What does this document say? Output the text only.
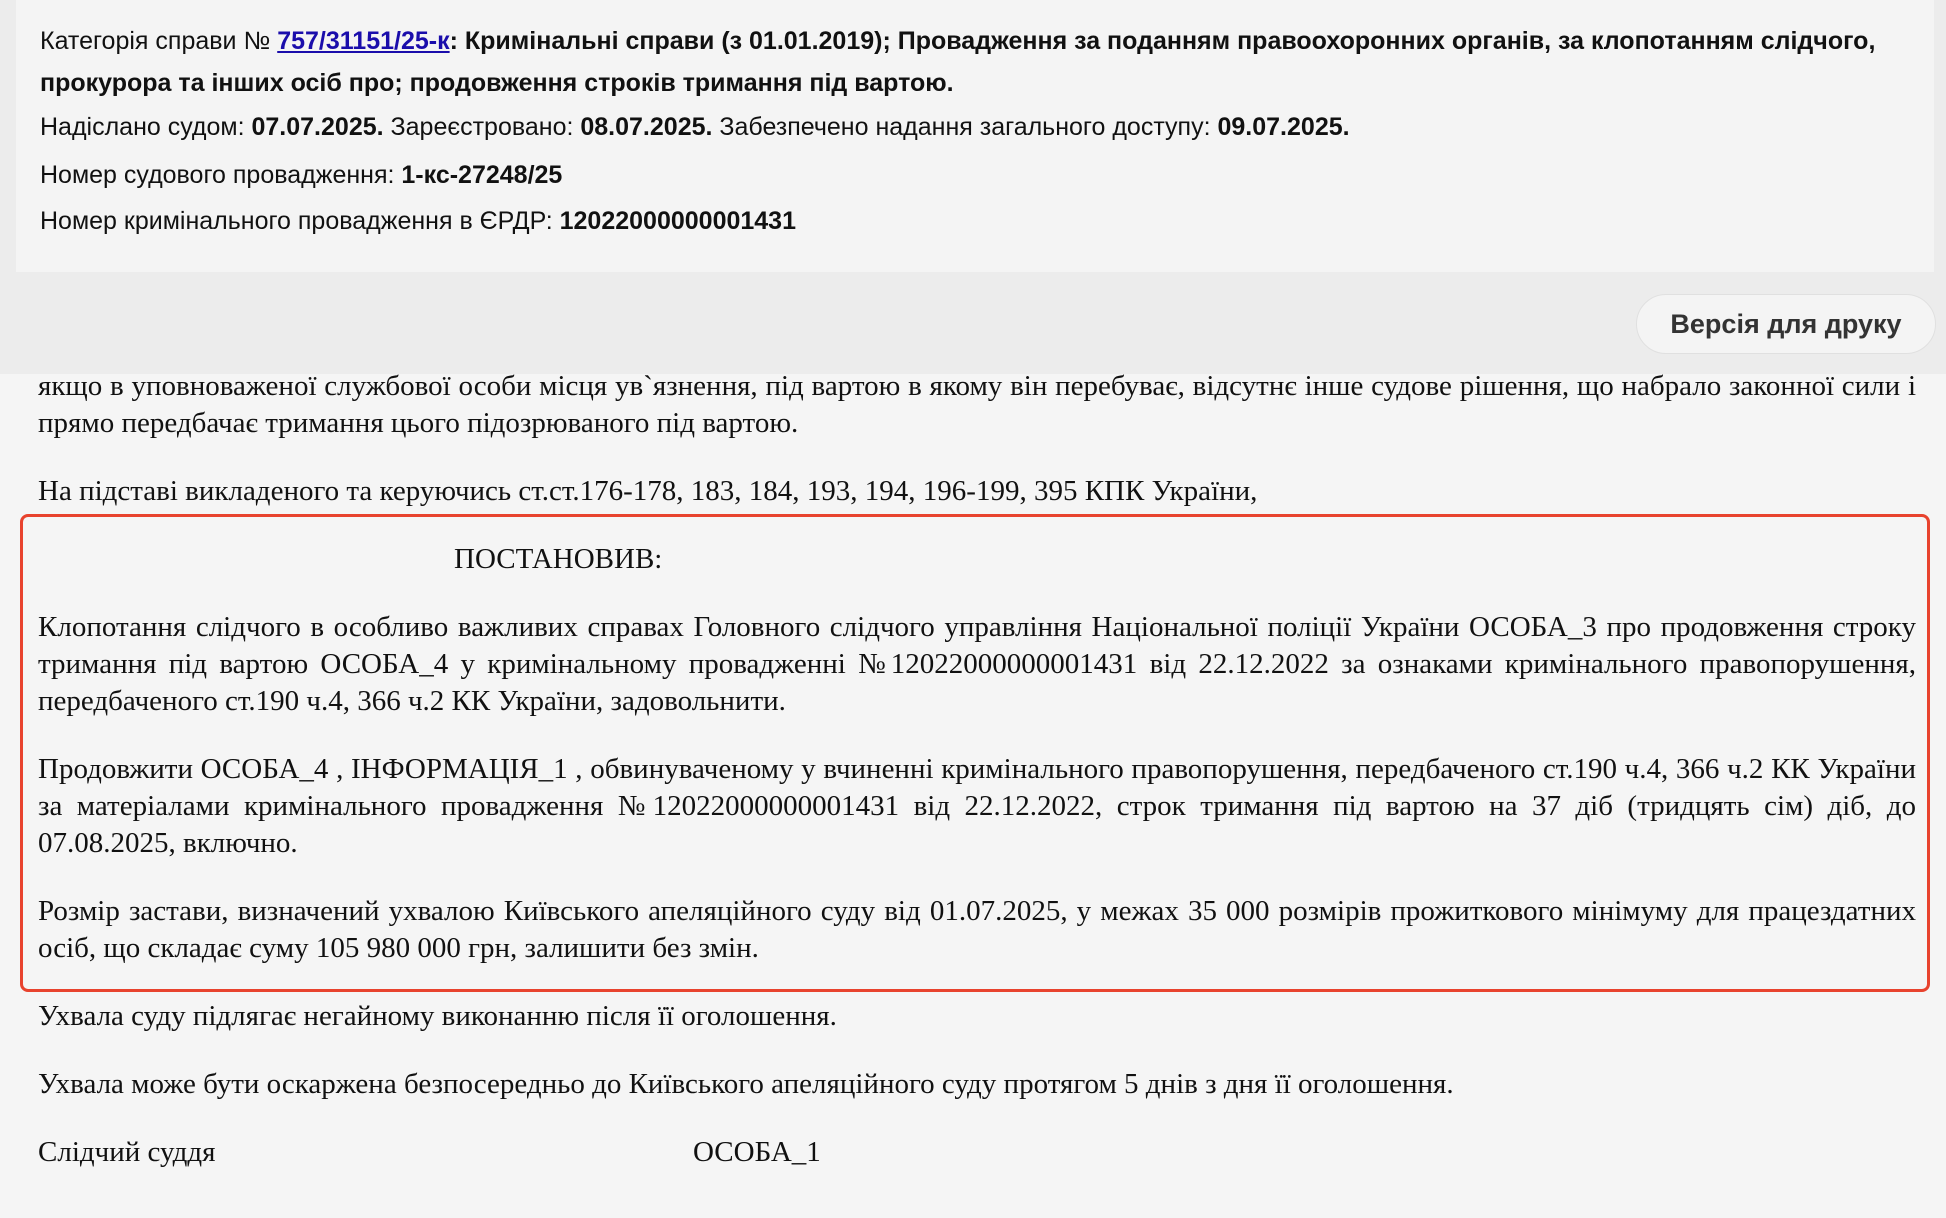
Категорія справи № 757/31151/25-к: Кримінальні справи (з 01.01.2019); Провадження за поданням правоохоронних органів, за клопотанням слідчого, прокурора та інших осіб про; продовження строків тримання під вартою.
Надіслано судом: 07.07.2025. Зареєстровано: 08.07.2025. Забезпечено надання загального доступу: 09.07.2025.
Номер судового провадження: 1-кс-27248/25
Номер кримінального провадження в ЄРДР: 12022000000001431
Версія для друку

якщо в уповноваженої службової особи місця ув`язнення, під вартою в якому він перебуває, відсутнє інше судове рішення, що набрало законної сили і прямо передбачає тримання цього підозрюваного під вартою.

На підставі викладеного та керуючись ст.ст.176-178, 183, 184, 193, 194, 196-199, 395 КПК України,

ПОСТАНОВИВ:

Клопотання слідчого в особливо важливих справах Головного слідчого управління Національної поліції України ОСОБА_3 про продовження строку тримання під вартою ОСОБА_4 у кримінальному провадженні №12022000000001431 від 22.12.2022 за ознаками кримінального правопорушення, передбаченого ст.190 ч.4, 366 ч.2 КК України, задовольнити.

Продовжити ОСОБА_4 , ІНФОРМАЦІЯ_1 , обвинуваченому у вчиненні кримінального правопорушення, передбаченого ст.190 ч.4, 366 ч.2 КК України за матеріалами кримінального провадження №12022000000001431 від 22.12.2022, строк тримання під вартою на 37 діб (тридцять сім) діб, до 07.08.2025, включно.

Розмір застави, визначений ухвалою Київського апеляційного суду від 01.07.2025, у межах 35 000 розмірів прожиткового мінімуму для працездатних осіб, що складає суму 105 980 000 грн, залишити без змін.

Ухвала суду підлягає негайному виконанню після її оголошення.

Ухвала може бути оскаржена безпосередньо до Київського апеляційного суду протягом 5 днів з дня її оголошення.

Слідчий суддя	ОСОБА_1
